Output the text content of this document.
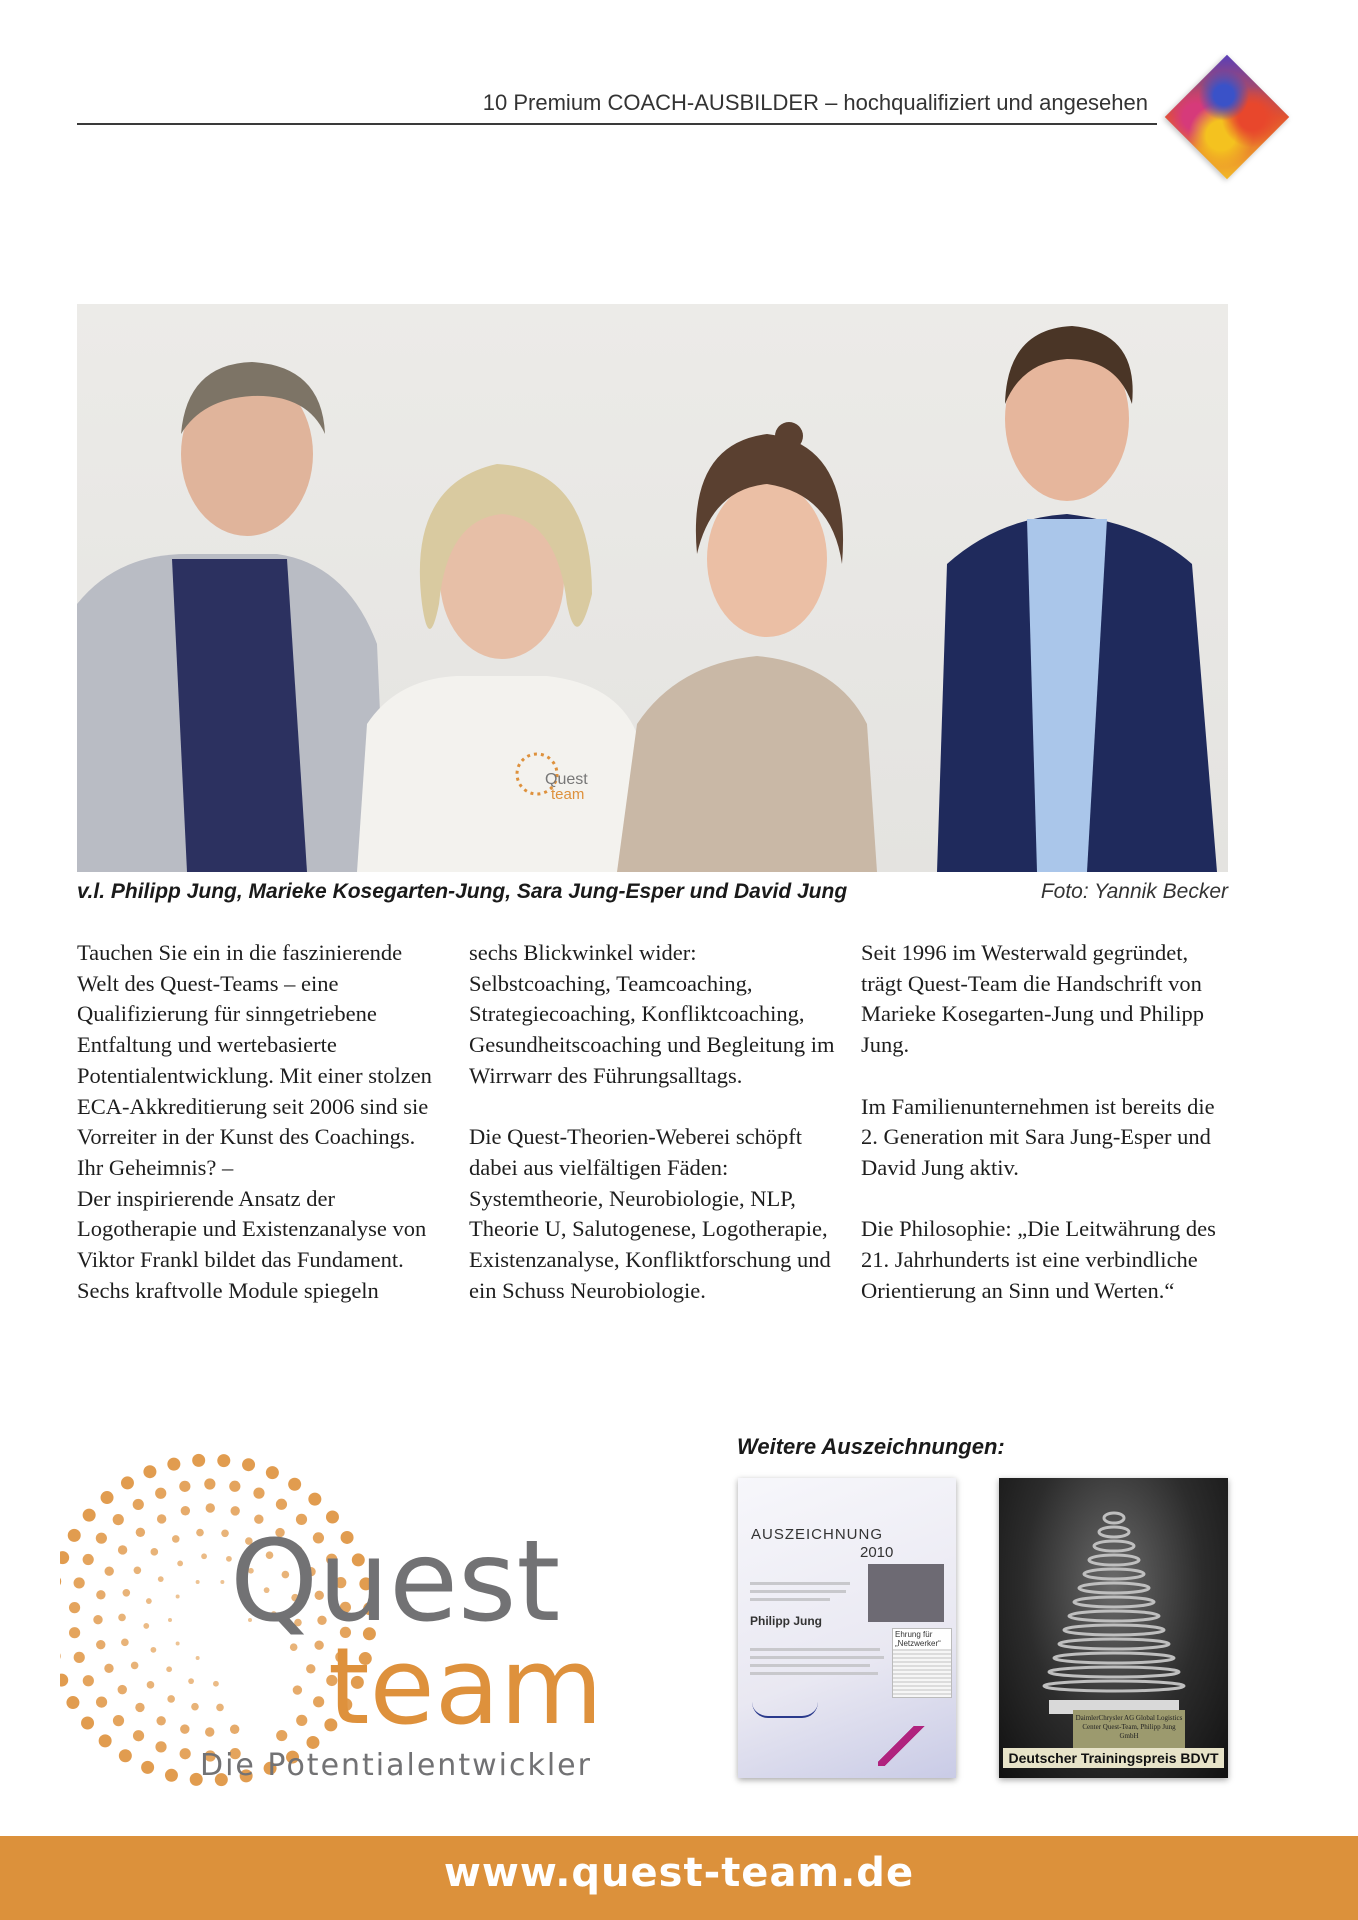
10 Premium COACH-AUSBILDER – hochqualifiziert und angesehen
Quest
team
v.l. Philipp Jung, Marieke Kosegarten-Jung, Sara Jung-Esper und David Jung	Foto: Yannik Becker

Tauchen Sie ein in die faszinierende Welt des Quest-Teams – eine Qualifizierung für sinngetriebene Entfaltung und wertebasierte Potentialentwicklung. Mit einer stolzen ECA-Akkreditierung seit 2006 sind sie Vorreiter in der Kunst des Coachings.
Ihr Geheimnis? –
Der inspirierende Ansatz der Logotherapie und Existenzanalyse von Viktor Frankl bildet das Fundament. Sechs kraftvolle Module spiegeln

sechs Blickwinkel wider: Selbstcoaching, Teamcoaching, Strategiecoaching, Konfliktcoaching, Gesundheitscoaching und Begleitung im Wirrwarr des Führungsalltags.

Die Quest-Theorien-Weberei schöpft dabei aus vielfältigen Fäden: Systemtheorie, Neurobiologie, NLP, Theorie U, Salutogenese, Logotherapie, Existenzanalyse, Konfliktforschung und ein Schuss Neurobiologie.

Seit 1996 im Westerwald gegründet, trägt Quest-Team die Handschrift von Marieke Kosegarten-Jung und Philipp Jung.

Im Familienunternehmen ist bereits die 2. Generation mit Sara Jung-Esper und David Jung aktiv.

Die Philosophie: „Die Leitwährung des 21. Jahrhunderts ist eine verbindliche Orientierung an Sinn und Werten.“

Quest
team
Die Potentialentwickler
Weitere Auszeichnungen:
AUSZEICHNUNG
2010
Philipp Jung
Ehrung für „Netzwerker“
DaimlerChrysler AG Global Logistics Center Quest-Team, Philipp Jung GmbH
Deutscher Trainingspreis BDVT
www.quest-team.de
